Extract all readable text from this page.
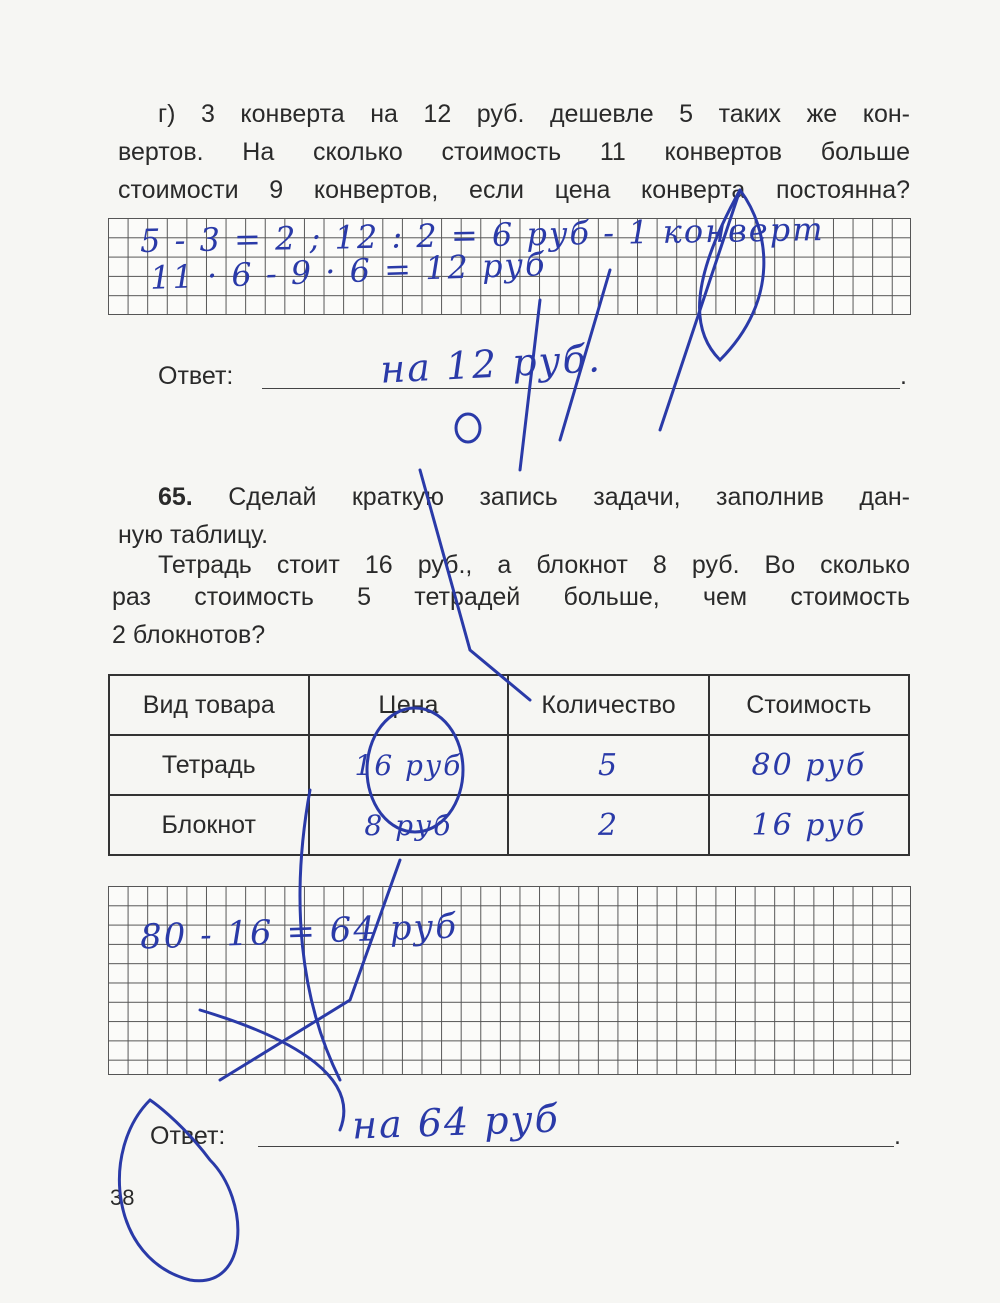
г) 3 конверта на 12 руб. дешевле 5 таких же кон-
вертов. На сколько стоимость 11 конвертов больше
стоимости 9 конвертов, если цена конверта постоянна?
5 - 3 = 2 ; 12 : 2 = 6 руб - 1 конверт
11 · 6 - 9 · 6 = 12 руб
Ответ:	.
на 12 руб.
65. Сделай краткую запись задачи, заполнив дан-
ную таблицу.
Тетрадь стоит 16 руб., а блокнот 8 руб. Во сколько
раз стоимость 5 тетрадей больше, чем стоимость
2 блокнотов?
Вид товара	Цена	Количество	Стоимость
Тетрадь	16 руб	5	80 руб
Блокнот	8 руб	2	16 руб
80 - 16 = 64 руб
Ответ:	.
на 64 руб
38
